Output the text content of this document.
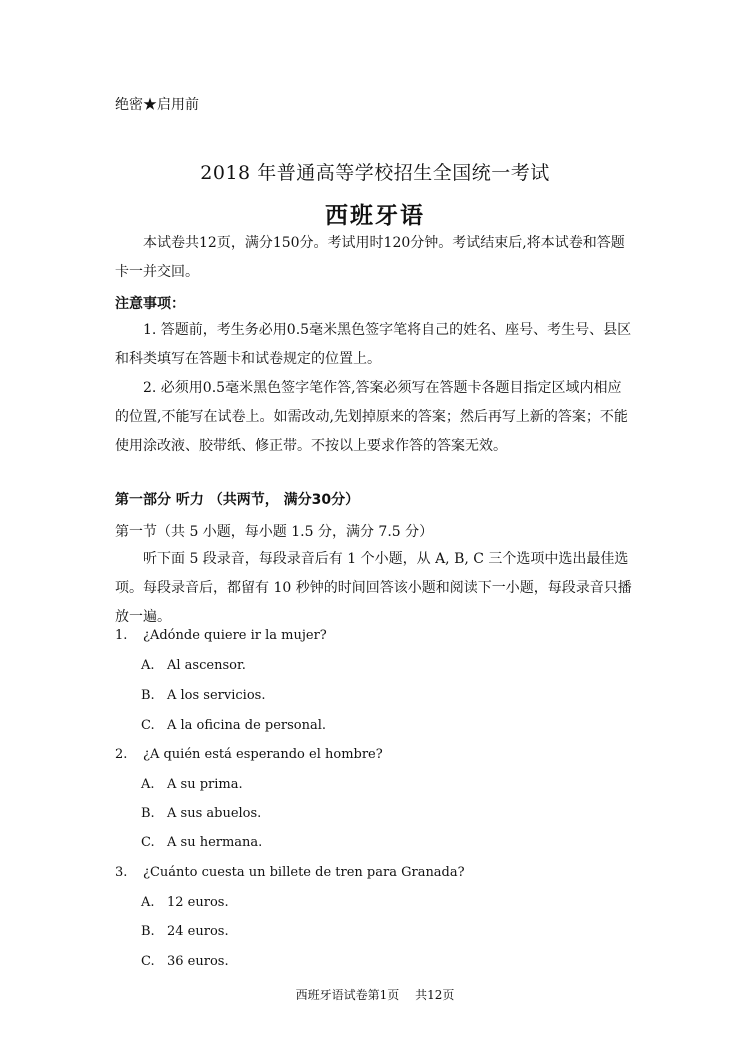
绝密★启用前
2018 年普通高等学校招生全国统一考试
西班牙语
本试卷共12页，满分150分。考试用时120分钟。考试结束后,将本试卷和答题卡一并交回。
注意事项：
1. 答题前，考生务必用0.5毫米黑色签字笔将自己的姓名、座号、考生号、县区和科类填写在答题卡和试卷规定的位置上。
2. 必须用0.5毫米黑色签字笔作答,答案必须写在答题卡各题目指定区域内相应的位置,不能写在试卷上。如需改动,先划掉原来的答案；然后再写上新的答案；不能使用涂改液、胶带纸、修正带。不按以上要求作答的答案无效。
第一部分 听力 （共两节， 满分30分）
第一节（共 5 小题，每小题 1.5 分，满分 7.5 分）
听下面 5 段录音，每段录音后有 1 个小题，从 A, B, C 三个选项中选出最佳选项。每段录音后，都留有 10 秒钟的时间回答该小题和阅读下一小题，每段录音只播放一遍。
1. ¿Adónde quiere ir la mujer?
A. Al ascensor.
B. A los servicios.
C. A la oficina de personal.
2. ¿A quién está esperando el hombre?
A. A su prima.
B. A sus abuelos.
C. A su hermana.
3. ¿Cuánto cuesta un billete de tren para Granada?
A. 12 euros.
B. 24 euros.
C. 36 euros.
西班牙语试卷第1页　 共12页
